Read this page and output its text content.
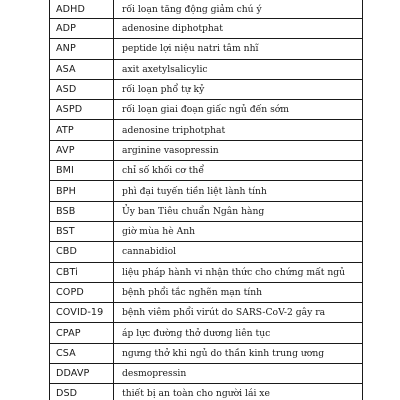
ADHD	rối loạn tăng động giảm chú ý
ADP	adenosine diphotphat
ANP	peptide lợi niệu natri tâm nhĩ
ASA	axit axetylsalicylic
ASD	rối loạn phổ tự kỷ
ASPD	rối loạn giai đoạn giấc ngủ đến sớm
ATP	adenosine triphotphat
AVP	arginine vasopressin
BMI	chỉ số khối cơ thể
BPH	phì đại tuyến tiền liệt lành tính
BSB	Ủy ban Tiêu chuẩn Ngân hàng
BST	giờ mùa hè Anh
CBD	cannabidiol
CBTi	liệu pháp hành vi nhận thức cho chứng mất ngủ
COPD	bệnh phổi tắc nghẽn mạn tính
COVID-19	bệnh viêm phổi virút do SARS-CoV-2 gây ra
CPAP	áp lực đường thở dương liên tục
CSA	ngưng thở khi ngủ do thần kinh trung ương
DDAVP	desmopressin
DSD	thiết bị an toàn cho người lái xe
